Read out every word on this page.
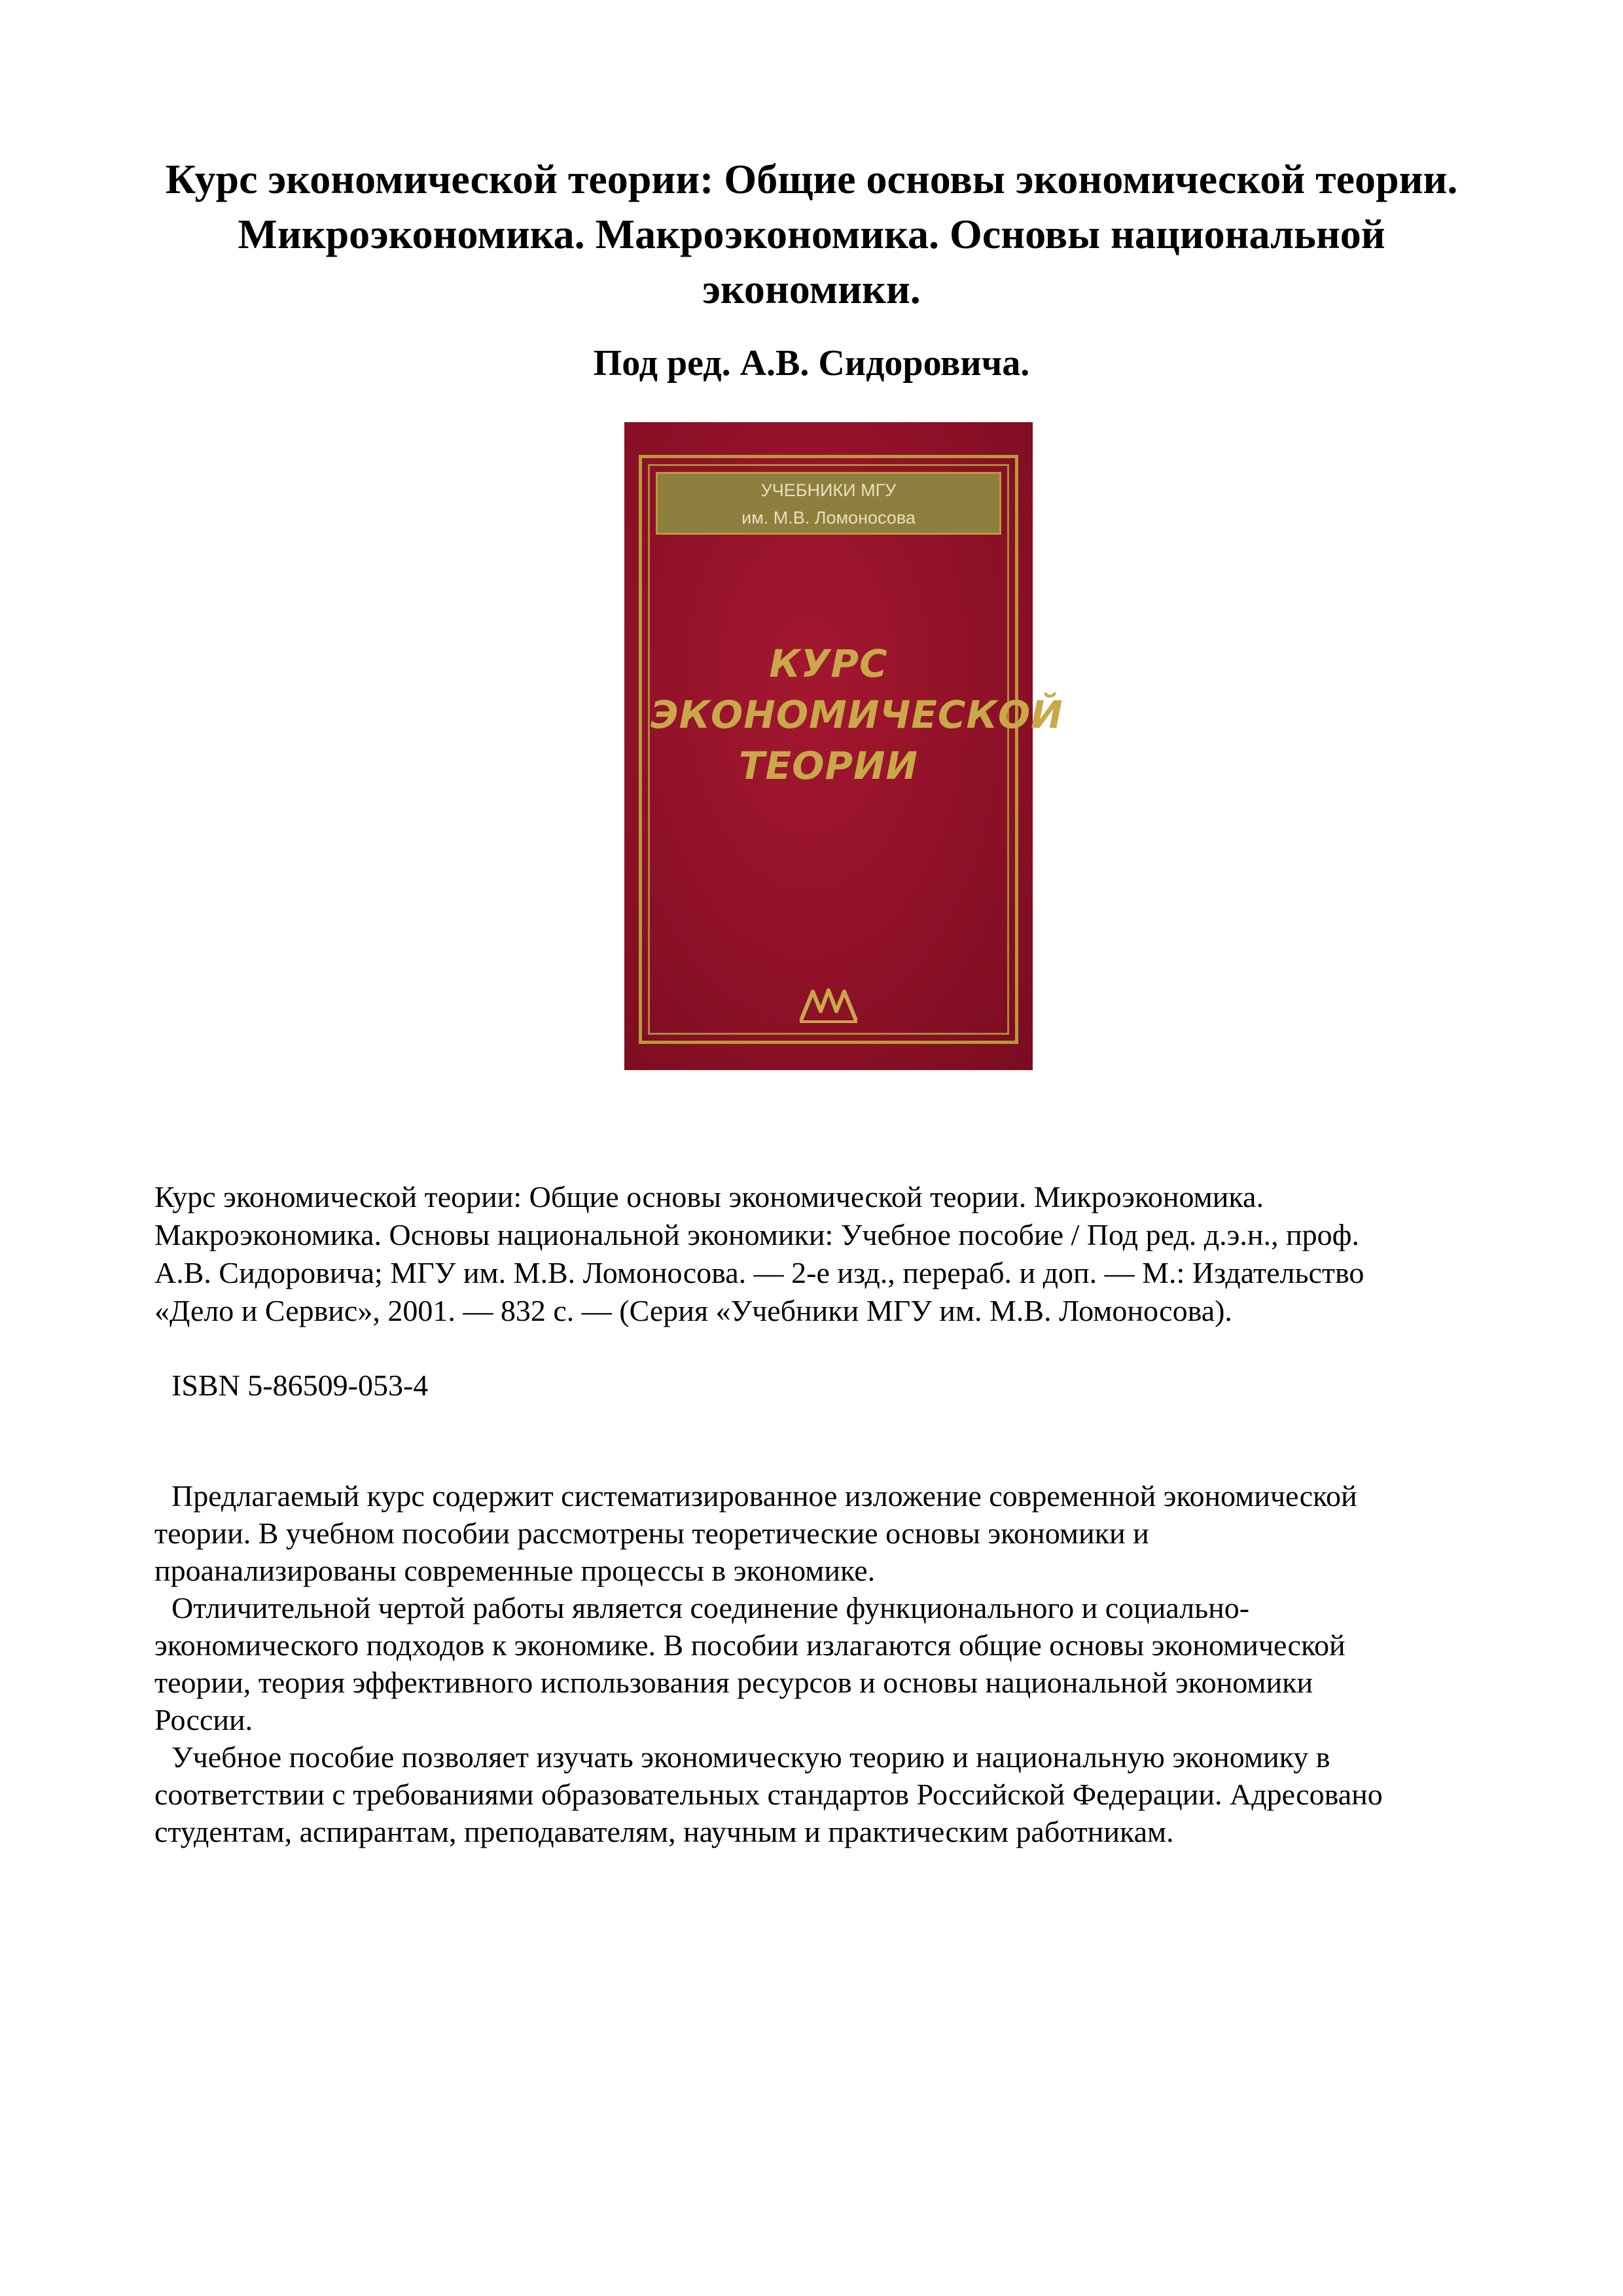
Курс экономической теории: Общие основы экономической теории.
Микроэкономика. Макроэкономика. Основы национальной
экономики.
Под ред. А.В. Сидоровича.
УЧЕБНИКИ МГУ
им. М.В. Ломоносова
КУРС
ЭКОНОМИЧЕСКОЙ
ТЕОРИИ
Курс экономической теории: Общие основы экономической теории. Микроэкономика.
Макроэкономика. Основы национальной экономики: Учебное пособие / Под ред. д.э.н., проф.
А.В. Сидоровича; МГУ им. М.В. Ломоносова. — 2-е изд., перераб. и доп. — М.: Издательство
«Дело и Сервис», 2001. — 832 с. — (Серия «Учебники МГУ им. М.В. Ломоносова).

ISBN 5-86509-053-4

Предлагаемый курс содержит систематизированное изложение современной экономической
теории. В учебном пособии рассмотрены теоретические основы экономики и
проанализированы современные процессы в экономике.
Отличительной чертой работы является соединение функционального и социально-
экономического подходов к экономике. В пособии излагаются общие основы экономической
теории, теория эффективного использования ресурсов и основы национальной экономики
России.
Учебное пособие позволяет изучать экономическую теорию и национальную экономику в
соответствии с требованиями образовательных стандартов Российской Федерации. Адресовано
студентам, аспирантам, преподавателям, научным и практическим работникам.
